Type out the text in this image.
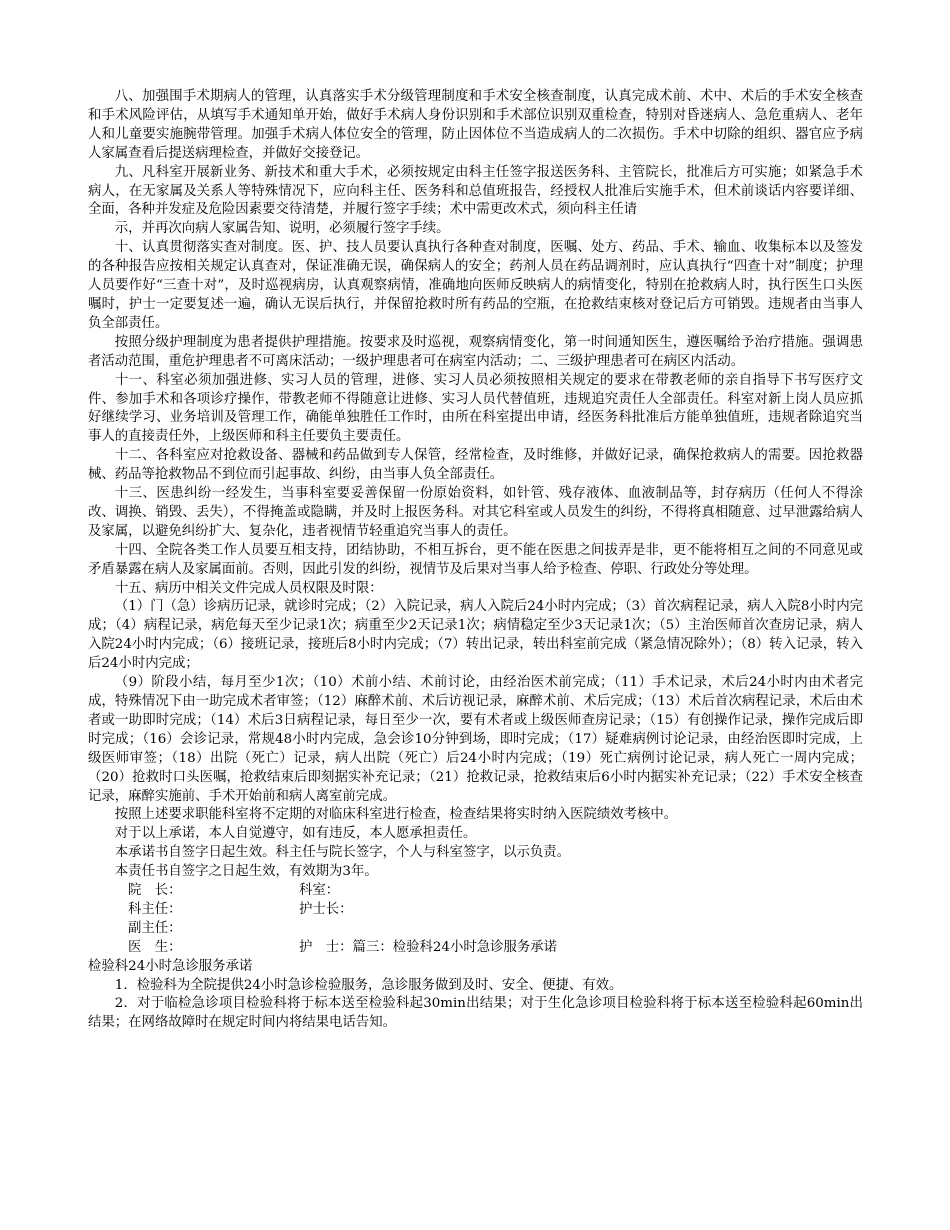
八、加强围手术期病人的管理，认真落实手术分级管理制度和手术安全核查制度，认真完成术前、术中、术后的手术安全核查和手术风险评估，从填写手术通知单开始，做好手术病人身份识别和手术部位识别双重检查，特别对昏迷病人、急危重病人、老年人和儿童要实施腕带管理。加强手术病人体位安全的管理，防止因体位不当造成病人的二次损伤。手术中切除的组织、器官应予病人家属查看后提送病理检查，并做好交接登记。

九、凡科室开展新业务、新技术和重大手术，必须按规定由科主任签字报送医务科、主管院长，批准后方可实施；如紧急手术病人，在无家属及关系人等特殊情况下，应向科主任、医务科和总值班报告，经授权人批准后实施手术，但术前谈话内容要详细、全面，各种并发症及危险因素要交待清楚，并履行签字手续；术中需更改术式，须向科主任请

示，并再次向病人家属告知、说明，必须履行签字手续。

十、认真贯彻落实查对制度。医、护、技人员要认真执行各种查对制度，医嘱、处方、药品、手术、输血、收集标本以及签发的各种报告应按相关规定认真查对，保证准确无误，确保病人的安全；药剂人员在药品调剂时，应认真执行“四查十对”制度；护理人员要作好“三查十对”，及时巡视病房，认真观察病情，准确地向医师反映病人的病情变化，特别在抢救病人时，执行医生口头医嘱时，护士一定要复述一遍，确认无误后执行，并保留抢救时所有药品的空瓶，在抢救结束核对登记后方可销毁。违规者由当事人负全部责任。

按照分级护理制度为患者提供护理措施。按要求及时巡视，观察病情变化，第一时间通知医生，遵医嘱给予治疗措施。强调患者活动范围，重危护理患者不可离床活动；一级护理患者可在病室内活动；二、三级护理患者可在病区内活动。

十一、科室必须加强进修、实习人员的管理，进修、实习人员必须按照相关规定的要求在带教老师的亲自指导下书写医疗文件、参加手术和各项诊疗操作，带教老师不得随意让进修、实习人员代替值班，违规追究责任人全部责任。科室对新上岗人员应抓好继续学习、业务培训及管理工作，确能单独胜任工作时，由所在科室提出申请，经医务科批准后方能单独值班，违规者除追究当事人的直接责任外，上级医师和科主任要负主要责任。

十二、各科室应对抢救设备、器械和药品做到专人保管，经常检查，及时维修，并做好记录，确保抢救病人的需要。因抢救器械、药品等抢救物品不到位而引起事故、纠纷，由当事人负全部责任。

十三、医患纠纷一经发生，当事科室要妥善保留一份原始资料，如针管、残存液体、血液制品等，封存病历（任何人不得涂改、调换、销毁、丢失），不得掩盖或隐瞒，并及时上报医务科。对其它科室或人员发生的纠纷，不得将真相随意、过早泄露给病人及家属，以避免纠纷扩大、复杂化，违者视情节轻重追究当事人的责任。

十四、全院各类工作人员要互相支持，团结协助，不相互拆台，更不能在医患之间拔弄是非，更不能将相互之间的不同意见或矛盾暴露在病人及家属面前。否则，因此引发的纠纷，视情节及后果对当事人给予检查、停职、行政处分等处理。

十五、病历中相关文件完成人员权限及时限：

（1）门（急）诊病历记录，就诊时完成；（2）入院记录，病人入院后24小时内完成；（3）首次病程记录，病人入院8小时内完成；（4）病程记录，病危每天至少记录1次；病重至少2天记录1次；病情稳定至少3天记录1次；（5）主治医师首次查房记录，病人入院24小时内完成；（6）接班记录，接班后8小时内完成；（7）转出记录，转出科室前完成（紧急情况除外）；（8）转入记录，转入后24小时内完成；

（9）阶段小结，每月至少1次；（10）术前小结、术前讨论，由经治医术前完成；（11）手术记录，术后24小时内由术者完成，特殊情况下由一助完成术者审签；（12）麻醉术前、术后访视记录，麻醉术前、术后完成；（13）术后首次病程记录，术后由术者或一助即时完成；（14）术后3日病程记录，每日至少一次，要有术者或上级医师查房记录；（15）有创操作记录，操作完成后即时完成；（16）会诊记录，常规48小时内完成，急会诊10分钟到场，即时完成；（17）疑难病例讨论记录，由经治医即时完成，上级医师审签；（18）出院（死亡）记录，病人出院（死亡）后24小时内完成；（19）死亡病例讨论记录，病人死亡一周内完成；（20）抢救时口头医嘱，抢救结束后即刻据实补充记录；（21）抢救记录，抢救结束后6小时内据实补充记录；（22）手术安全核查记录，麻醉实施前、手术开始前和病人离室前完成。

按照上述要求职能科室将不定期的对临床科室进行检查，检查结果将实时纳入医院绩效考核中。

对于以上承诺，本人自觉遵守，如有违反，本人愿承担责任。

本承诺书自签字日起生效。科主任与院长签字，个人与科室签字，以示负责。

本责任书自签字之日起生效，有效期为3年。

院　长：	科室：
科主任：	护士长：
副主任：
医　生：	护　士：篇三：检验科24小时急诊服务承诺

检验科24小时急诊服务承诺

1．检验科为全院提供24小时急诊检验服务，急诊服务做到及时、安全、便捷、有效。

2．对于临检急诊项目检验科将于标本送至检验科起30min出结果；对于生化急诊项目检验科将于标本送至检验科起60min出结果；在网络故障时在规定时间内将结果电话告知。
